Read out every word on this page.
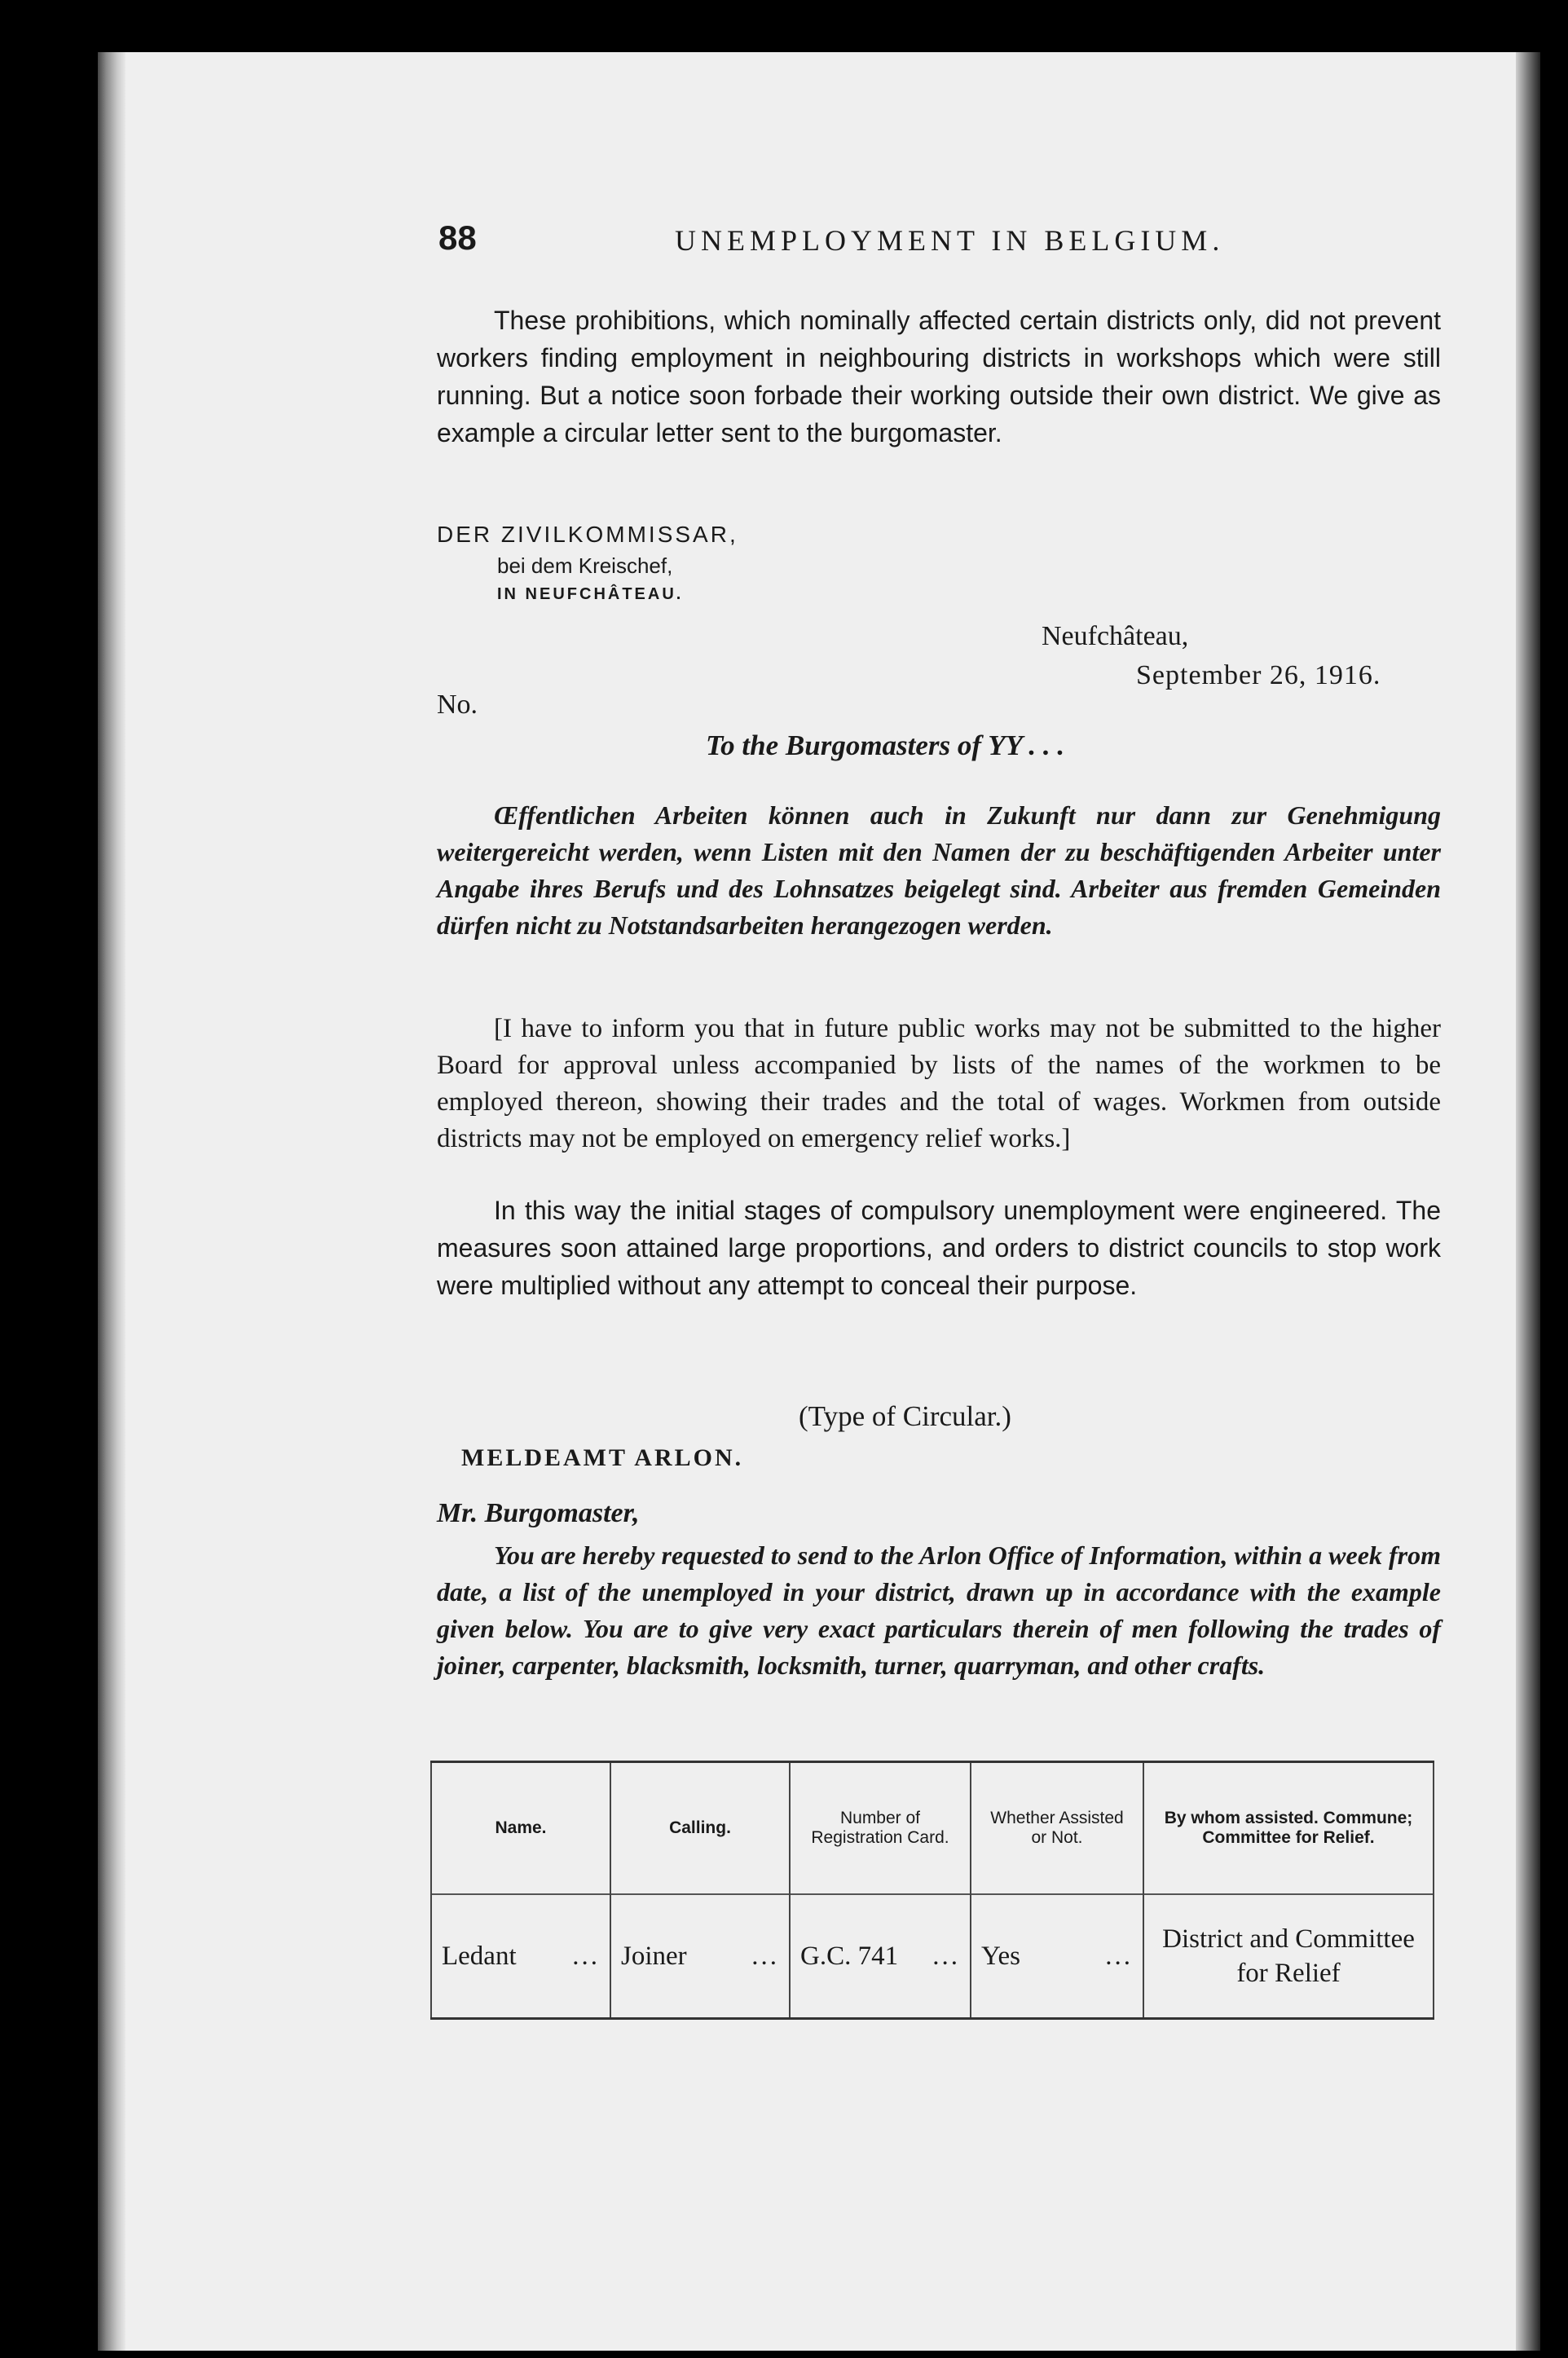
88	UNEMPLOYMENT IN BELGIUM.

These prohibitions, which nominally affected certain districts only, did not prevent workers finding employment in neighbouring districts in workshops which were still running. But a notice soon forbade their working outside their own district. We give as example a circular letter sent to the burgomaster.

DER ZIVILKOMMISSAR,
bei dem Kreischef,
IN NEUFCHÂTEAU.
Neufchâteau,
September 26, 1916.
No.
To the Burgomasters of YY . . .

Œffentlichen Arbeiten können auch in Zukunft nur dann zur Genehmigung weitergereicht werden, wenn Listen mit den Namen der zu beschäftigenden Arbeiter unter Angabe ihres Berufs und des Lohnsatzes beigelegt sind. Arbeiter aus fremden Gemeinden dürfen nicht zu Notstandsarbeiten herangezogen werden.

[I have to inform you that in future public works may not be submitted to the higher Board for approval unless accompanied by lists of the names of the workmen to be employed thereon, showing their trades and the total of wages. Workmen from outside districts may not be employed on emergency relief works.]

In this way the initial stages of compulsory unemployment were engineered. The measures soon attained large proportions, and orders to district councils to stop work were multiplied without any attempt to conceal their purpose.

(Type of Circular.)
MELDEAMT ARLON.
Mr. Burgomaster,

You are hereby requested to send to the Arlon Office of Information, within a week from date, a list of the unemployed in your district, drawn up in accordance with the example given below. You are to give very exact particulars therein of men following the trades of joiner, carpenter, blacksmith, locksmith, turner, quarryman, and other crafts.

Name.	Calling.	Number of Registration Card.	Whether Assisted or Not.	By whom assisted. Commune; Committee for Relief.

Ledant ...	Joiner ...	G.C. 741 ...	Yes ...	District and Committee for Relief
